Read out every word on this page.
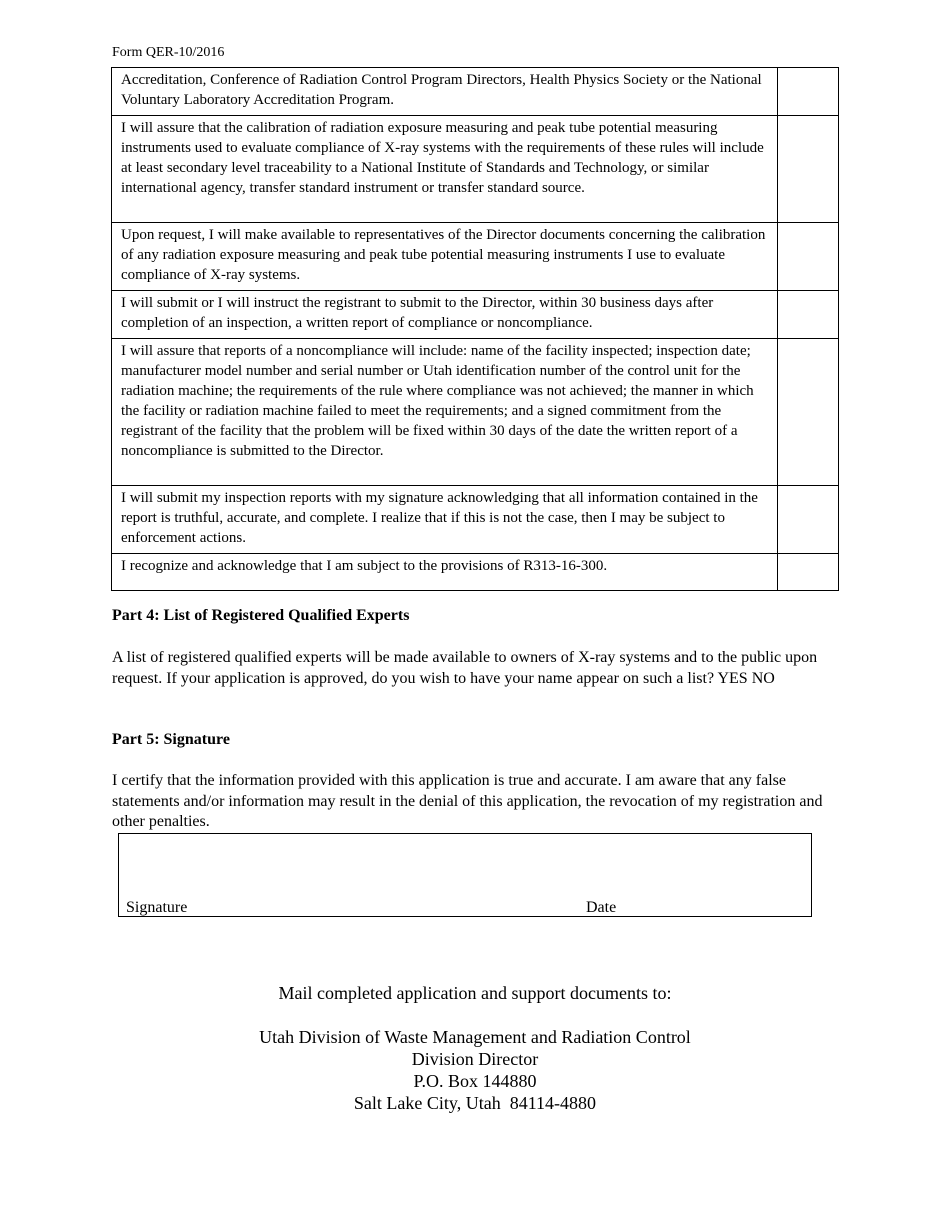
Form QER-10/2016
Accreditation, Conference of Radiation Control Program Directors, Health Physics Society or the National Voluntary Laboratory Accreditation Program.	
I will assure that the calibration of radiation exposure measuring and peak tube potential measuring instruments used to evaluate compliance of X-ray systems with the requirements of these rules will include at least secondary level traceability to a National Institute of Standards and Technology, or similar international agency, transfer standard instrument or transfer standard source.	
Upon request, I will make available to representatives of the Director documents concerning the calibration of any radiation exposure measuring and peak tube potential measuring instruments I use to evaluate compliance of X-ray systems.	
I will submit or I will instruct the registrant to submit to the Director, within 30 business days after completion of an inspection, a written report of compliance or noncompliance.	
I will assure that reports of a noncompliance will include: name of the facility inspected; inspection date; manufacturer model number and serial number or Utah identification number of the control unit for the radiation machine; the requirements of the rule where compliance was not achieved; the manner in which the facility or radiation machine failed to meet the requirements; and a signed commitment from the registrant of the facility that the problem will be fixed within 30 days of the date the written report of a noncompliance is submitted to the Director.	
I will submit my inspection reports with my signature acknowledging that all information contained in the report is truthful, accurate, and complete. I realize that if this is not the case, then I may be subject to enforcement actions.	
I recognize and acknowledge that I am subject to the provisions of R313-16-300.	
Part 4: List of Registered Qualified Experts
A list of registered qualified experts will be made available to owners of X-ray systems and to the public upon request. If your application is approved, do you wish to have your name appear on such a list? YES NO
Part 5: Signature
I certify that the information provided with this application is true and accurate. I am aware that any false statements and/or information may result in the denial of this application, the revocation of my registration and other penalties.
Signature	Date
Mail completed application and support documents to:
Utah Division of Waste Management and Radiation Control
Division Director
P.O. Box 144880
Salt Lake City, Utah  84114-4880
